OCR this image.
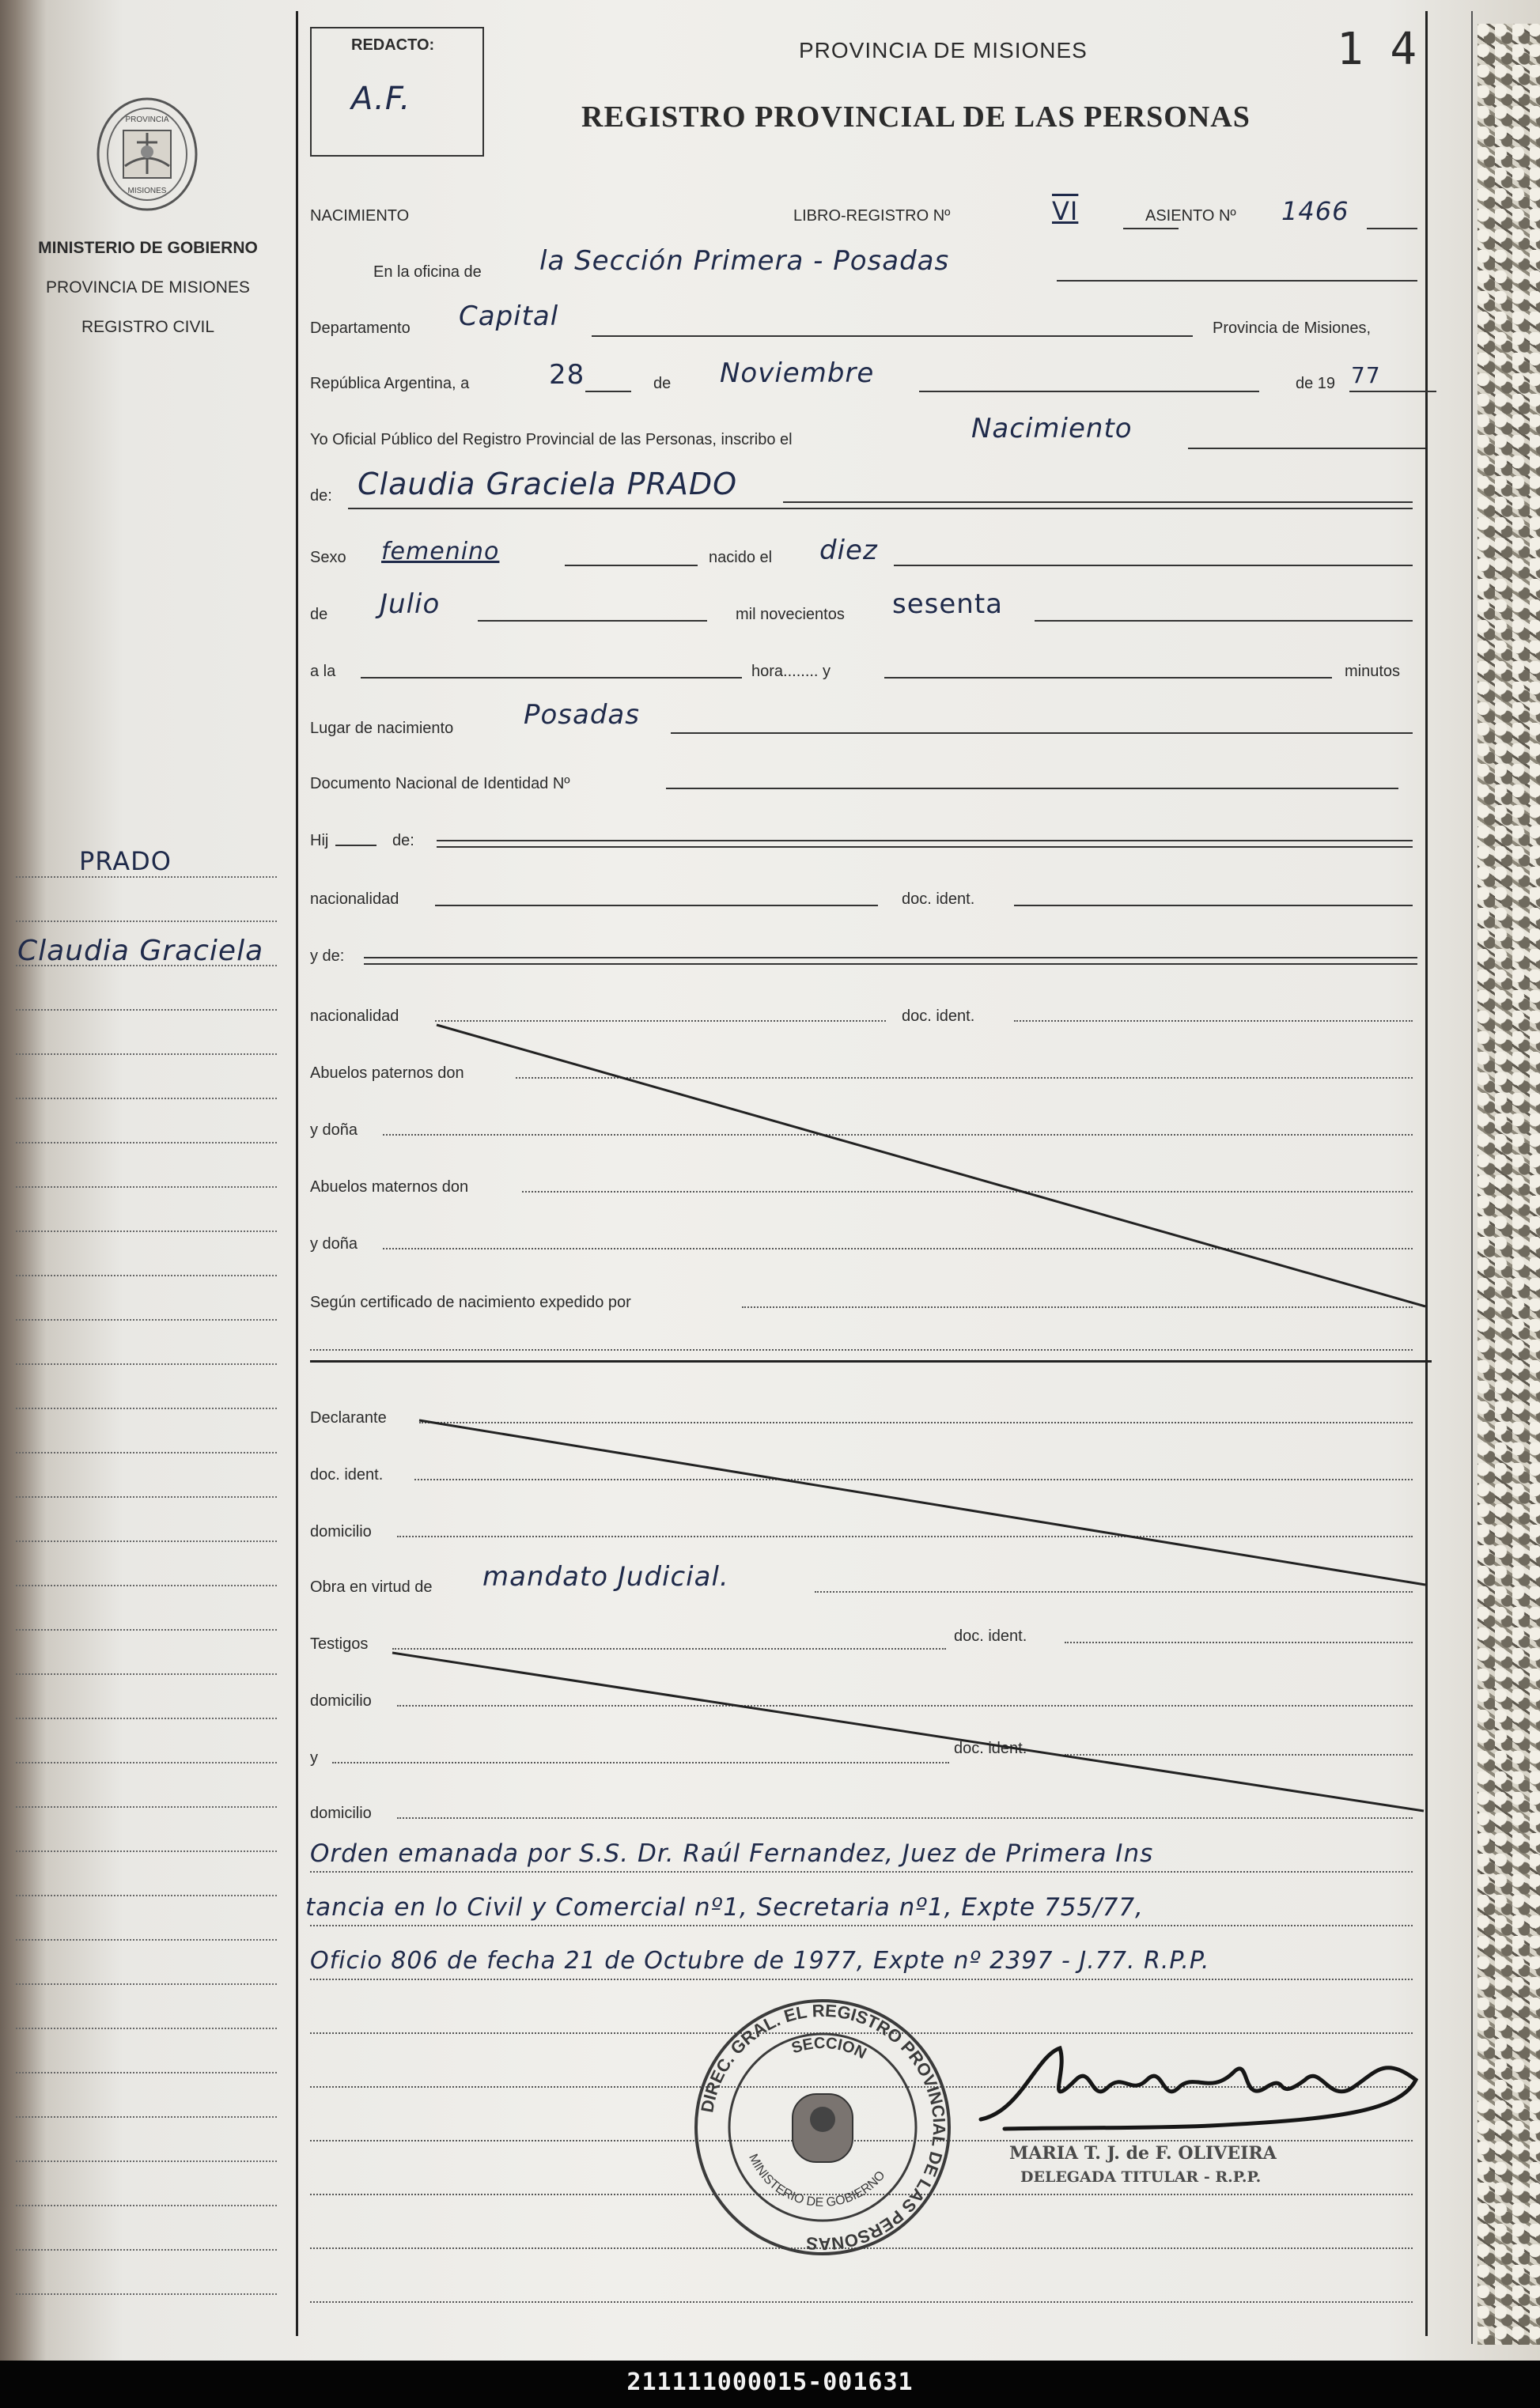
PROVINCIA
MISIONES
MINISTERIO DE GOBIERNO
PROVINCIA DE MISIONES
REGISTRO CIVIL
PRADO
Claudia Graciela
REDACTO:
A.F.
PROVINCIA DE MISIONES	1 4
REGISTRO PROVINCIAL DE LAS PERSONAS
NACIMIENTO	LIBRO-REGISTRO Nº	VI	ASIENTO Nº 1466
En la oficina de la Sección Primera - Posadas
Departamento Capital	Provincia de Misiones,
República Argentina, a	28	de Noviembre	de 19 77
Yo Oficial Público del Registro Provincial de las Personas, inscribo el	Nacimiento
de: Claudia Graciela PRADO
Sexo femenino	nacido el diez
de Julio	mil novecientos sesenta
a la	hora........ y	minutos
Lugar de nacimiento	Posadas
Documento Nacional de Identidad Nº
Hij	de:
nacionalidad	doc. ident.
y de:
nacionalidad	doc. ident.
Abuelos paternos don
y doña
Abuelos maternos don
y doña
Según certificado de nacimiento expedido por
Declarante
doc. ident.
domicilio
Obra en virtud de mandato Judicial.
Testigos	doc. ident.
domicilio
y
doc. ident.
domicilio
Orden emanada por S.S. Dr. Raúl Fernandez, Juez de Primera Ins
tancia en lo Civil y Comercial nº1, Secretaria nº1, Expte 755/77,
Oficio 806 de fecha 21 de Octubre de 1977, Expte nº 2397 - J.77. R.P.P.
DIREC. GRAL. EL REGISTRO PROVINCIAL DE LAS PERSONAS
SECCION
MINISTERIO DE GOBIERNO
MARIA T. J. de F. OLIVEIRA
DELEGADA TITULAR - R.P.P.
211111000015-001631
